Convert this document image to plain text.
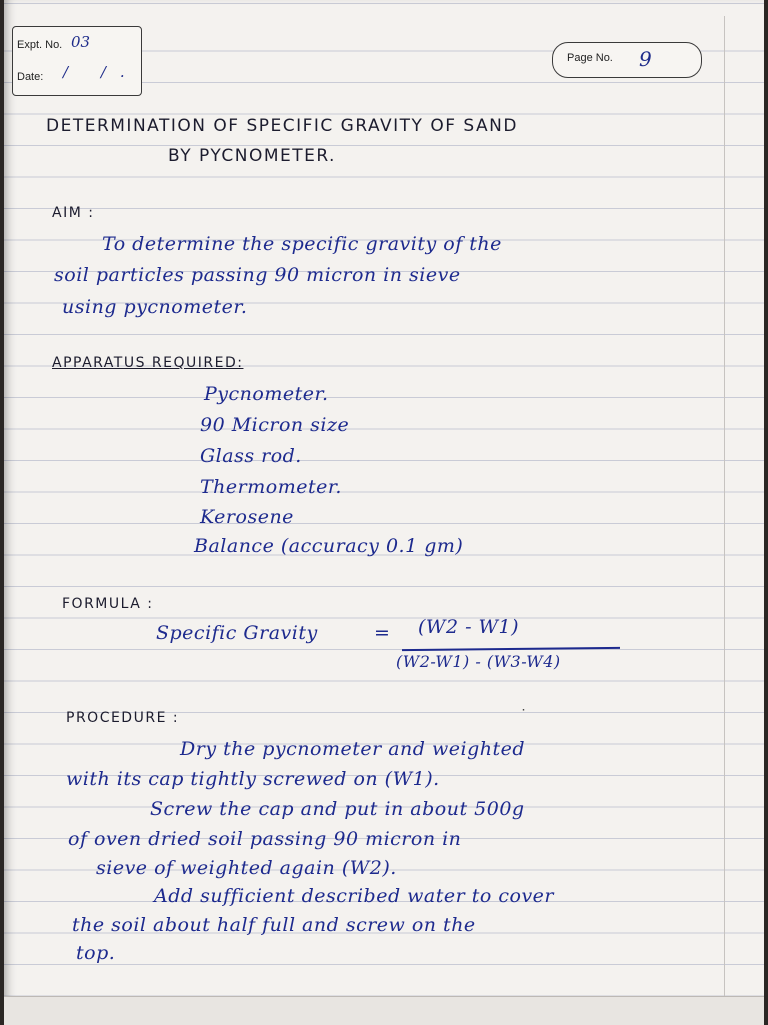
Expt. No. 03
Date: / /.
Page No. 9
DETERMINATION OF SPECIFIC GRAVITY OF SAND
BY PYCNOMETER.
AIM :
To determine the specific gravity of the
soil particles passing 90 micron in sieve
using pycnometer.
APPARATUS REQUIRED:
Pycnometer.
90 Micron size
Glass rod.
Thermometer.
Kerosene
Balance (accuracy 0.1 gm)
FORMULA :
Specific Gravity	= (W2 - W1)
(W2-W1) - (W3-W4)
PROCEDURE :	˙
Dry the pycnometer and weighted
with its cap tightly screwed on (W1).
Screw the cap and put in about 500g
of oven dried soil passing 90 micron in
sieve of weighted again (W2).
Add sufficient described water to cover
the soil about half full and screw on the
top.
